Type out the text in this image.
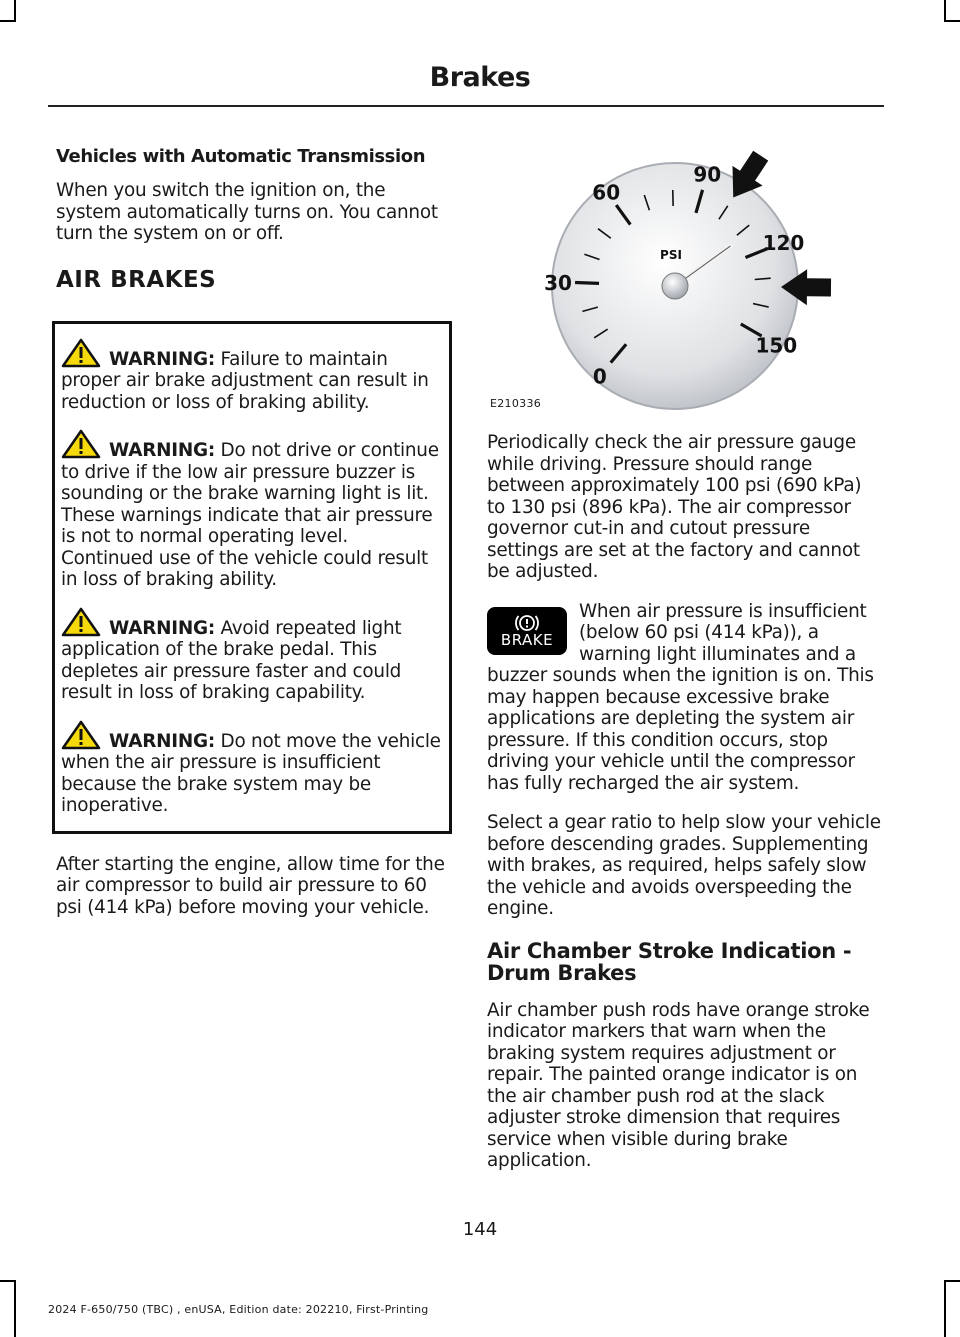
Brakes
Vehicles with Automatic Transmission

When you switch the ignition on, the system automatically turns on. You cannot turn the system on or off.

AIR BRAKES

WARNING: Failure to maintain proper air brake adjustment can result in reduction or loss of braking ability.

WARNING: Do not drive or continue to drive if the low air pressure buzzer is sounding or the brake warning light is lit. These warnings indicate that air pressure is not to normal operating level. Continued use of the vehicle could result in loss of braking ability.

WARNING: Avoid repeated light application of the brake pedal. This depletes air pressure faster and could result in loss of braking capability.

WARNING: Do not move the vehicle when the air pressure is insufficient because the brake system may be inoperative.

After starting the engine, allow time for the air compressor to build air pressure to 60 psi (414 kPa) before moving your vehicle.

0
30
60
90
120
150
PSI
E210336

Periodically check the air pressure gauge while driving. Pressure should range between approximately 100 psi (690 kPa) to 130 psi (896 kPa). The air compressor governor cut-in and cutout pressure settings are set at the factory and cannot be adjusted.

BRAKE
When air pressure is insufficient (below 60 psi (414 kPa)), a warning light illuminates and a buzzer sounds when the ignition is on. This may happen because excessive brake applications are depleting the system air pressure. If this condition occurs, stop driving your vehicle until the compressor has fully recharged the air system.

Select a gear ratio to help slow your vehicle before descending grades. Supplementing with brakes, as required, helps safely slow the vehicle and avoids overspeeding the engine.

Air Chamber Stroke Indication - Drum Brakes

Air chamber push rods have orange stroke indicator markers that warn when the braking system requires adjustment or repair. The painted orange indicator is on the air chamber push rod at the slack adjuster stroke dimension that requires service when visible during brake application.

144
2024 F-650/750 (TBC) , enUSA, Edition date: 202210, First-Printing
